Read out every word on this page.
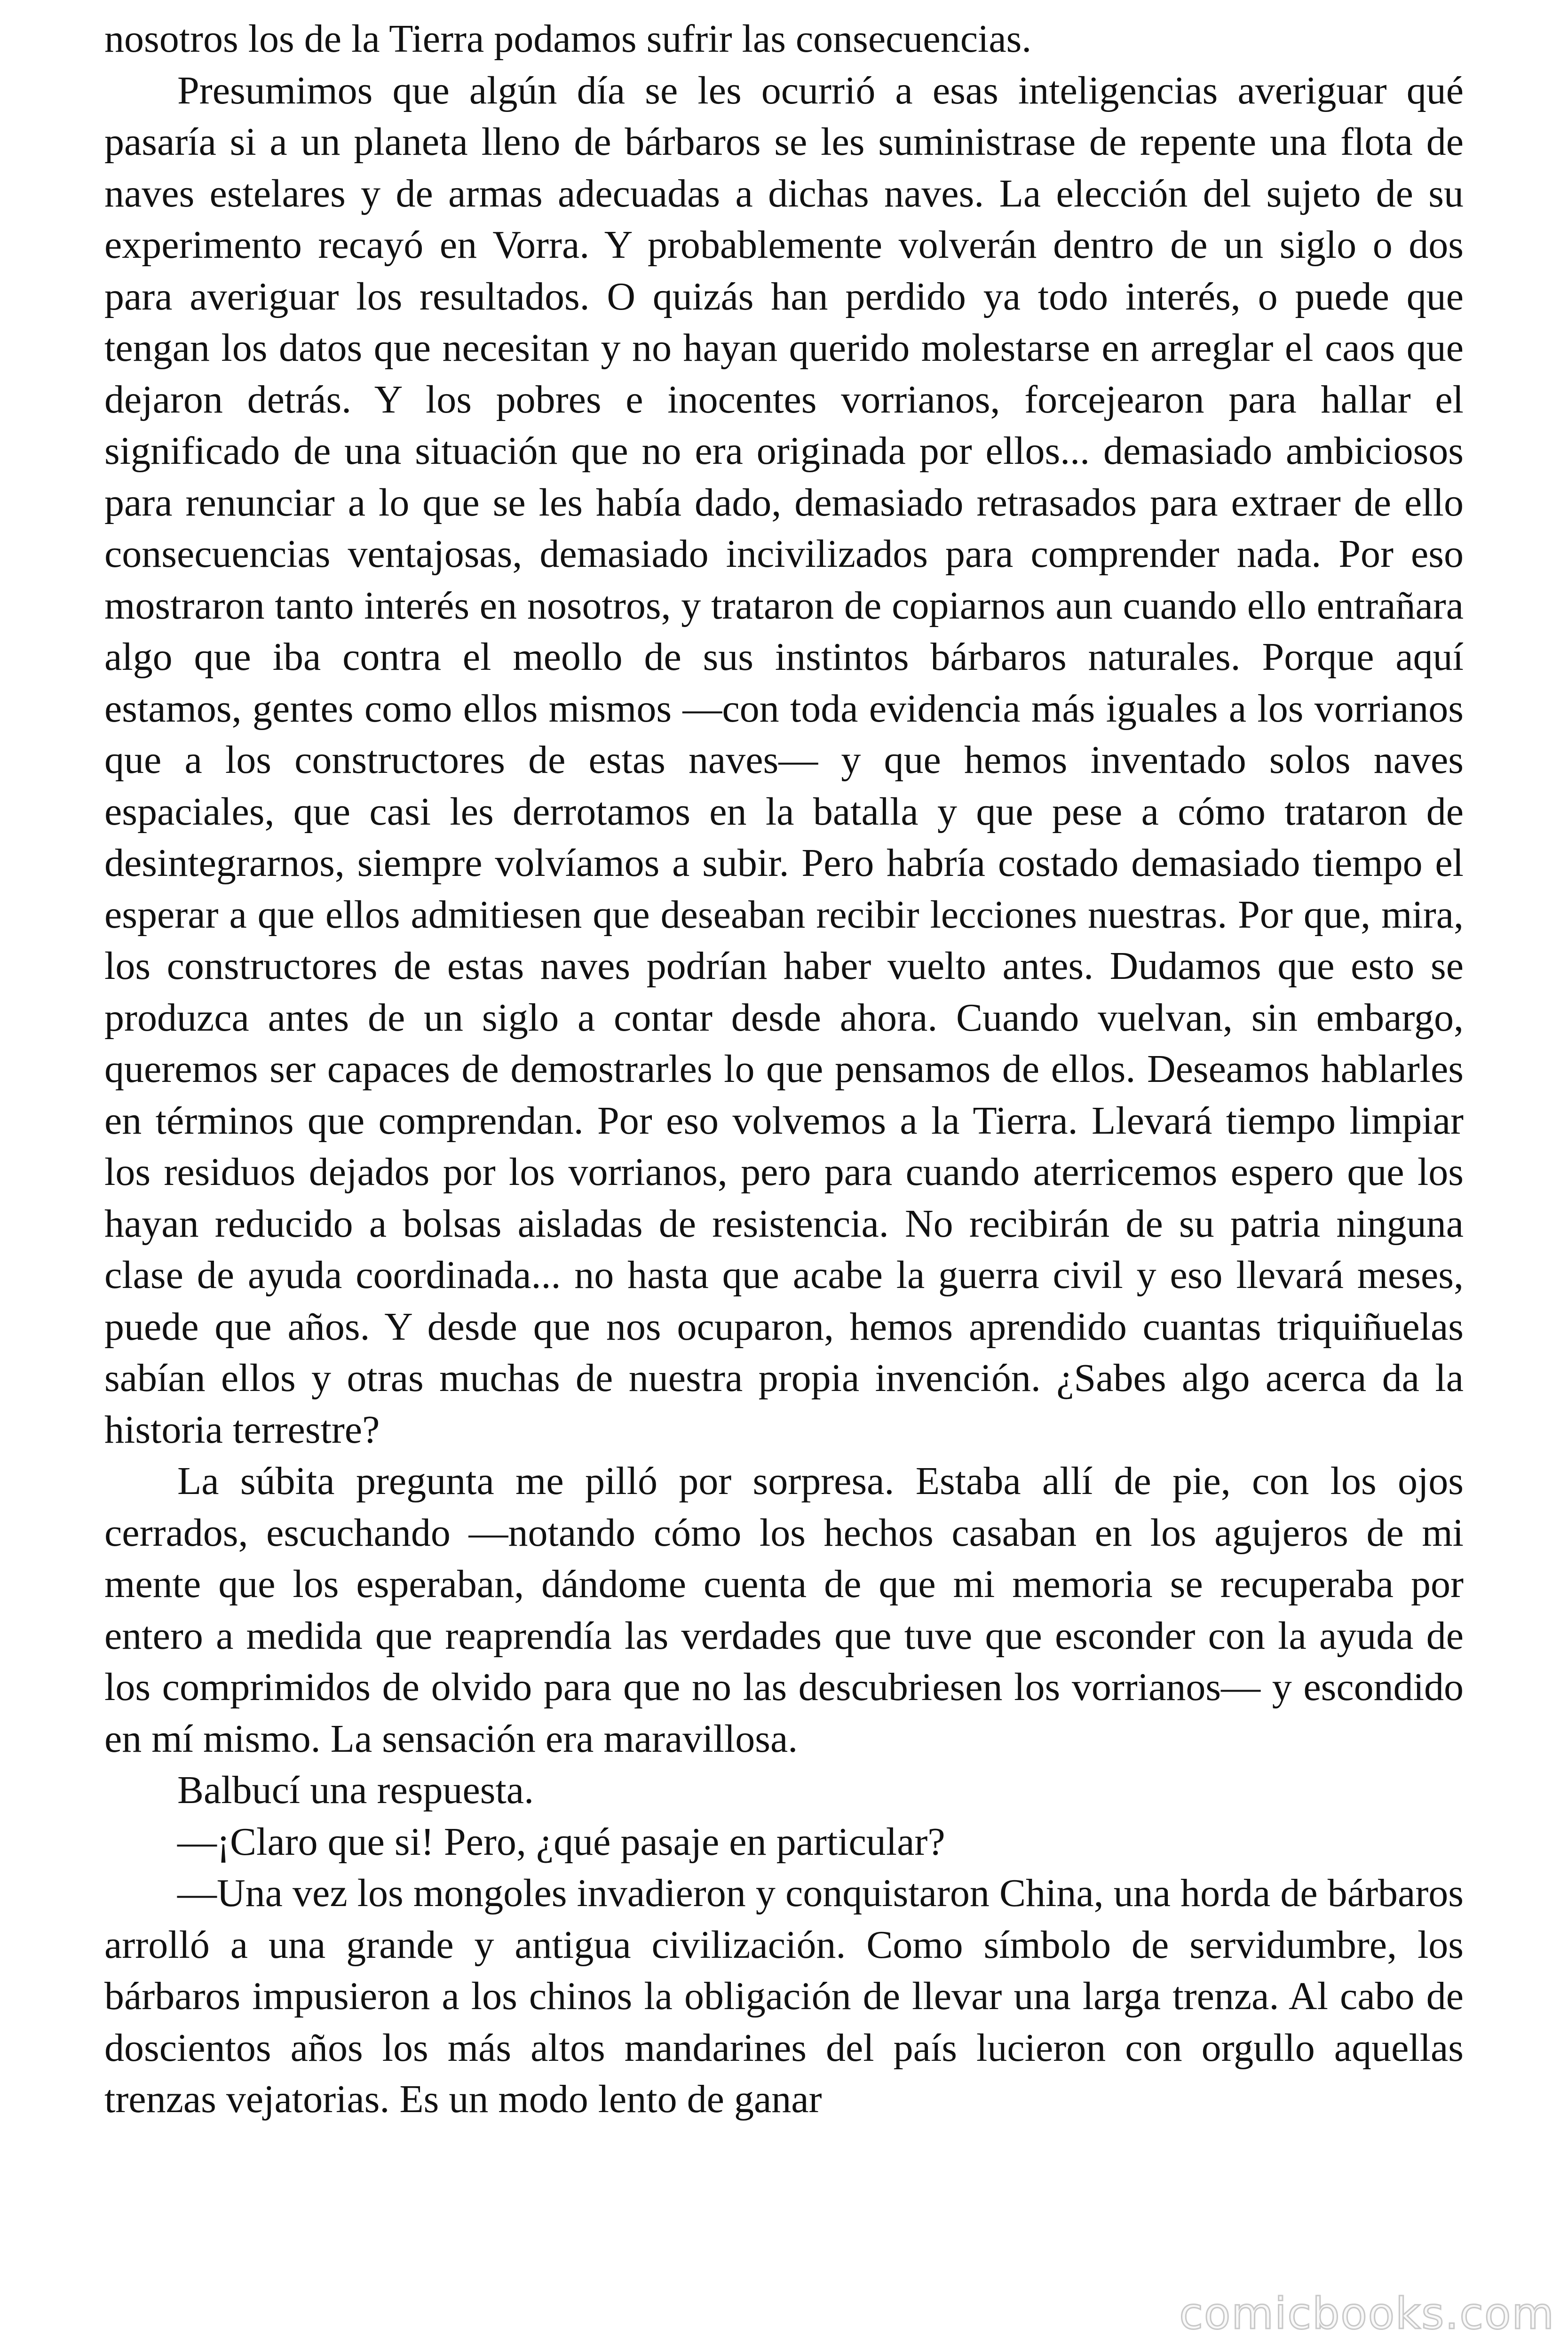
nosotros los de la Tierra podamos sufrir las consecuencias.

Presumimos que algún día se les ocurrió a esas inteligencias averiguar qué pasaría si a un planeta lleno de bárbaros se les suministrase de repente una flota de naves estelares y de armas adecuadas a dichas naves. La elección del sujeto de su experimento recayó en Vorra. Y probablemente volverán dentro de un siglo o dos para averiguar los resultados. O quizás han perdido ya todo interés, o puede que tengan los datos que necesitan y no hayan querido molestarse en arreglar el caos que dejaron detrás. Y los pobres e inocentes vorrianos, forcejearon para hallar el significado de una situación que no era originada por ellos... demasiado ambiciosos para renunciar a lo que se les había dado, demasiado retrasados para extraer de ello consecuencias ventajosas, demasiado incivilizados para comprender nada. Por eso mostraron tanto interés en nosotros, y trataron de copiarnos aun cuando ello entrañara algo que iba contra el meollo de sus instintos bárbaros naturales. Porque aquí estamos, gentes como ellos mismos —con toda evidencia más iguales a los vorrianos que a los constructores de estas naves— y que hemos inventado solos naves espaciales, que casi les derrotamos en la batalla y que pese a cómo trataron de desintegrarnos, siempre volvíamos a subir. Pero habría costado demasiado tiempo el esperar a que ellos admitiesen que deseaban recibir lecciones nuestras. Por que, mira, los constructores de estas naves podrían haber vuelto antes. Dudamos que esto se produzca antes de un siglo a contar desde ahora. Cuando vuelvan, sin embargo, queremos ser capaces de demostrarles lo que pensamos de ellos. Deseamos hablarles en términos que comprendan. Por eso volvemos a la Tierra. Llevará tiempo limpiar los residuos dejados por los vorrianos, pero para cuando aterricemos espero que los hayan reducido a bolsas aisladas de resistencia. No recibirán de su patria ninguna clase de ayuda coordinada... no hasta que acabe la guerra civil y eso llevará meses, puede que años. Y desde que nos ocuparon, hemos aprendido cuantas triquiñuelas sabían ellos y otras muchas de nuestra propia invención. ¿Sabes algo acerca da la historia terrestre?

La súbita pregunta me pilló por sorpresa. Estaba allí de pie, con los ojos cerrados, escuchando —notando cómo los hechos casaban en los agujeros de mi mente que los esperaban, dándome cuenta de que mi memoria se recuperaba por entero a medida que reaprendía las verdades que tuve que esconder con la ayuda de los comprimidos de olvido para que no las descubriesen los vorrianos— y escondido en mí mismo. La sensación era maravillosa.

Balbucí una respuesta.

—¡Claro que si! Pero, ¿qué pasaje en particular?

—Una vez los mongoles invadieron y conquistaron China, una horda de bárbaros arrolló a una grande y antigua civilización. Como símbolo de servidumbre, los bárbaros impusieron a los chinos la obligación de llevar una larga trenza. Al cabo de doscientos años los más altos mandarines del país lucieron con orgullo aquellas trenzas vejatorias. Es un modo lento de ganar

comicbooks.com
